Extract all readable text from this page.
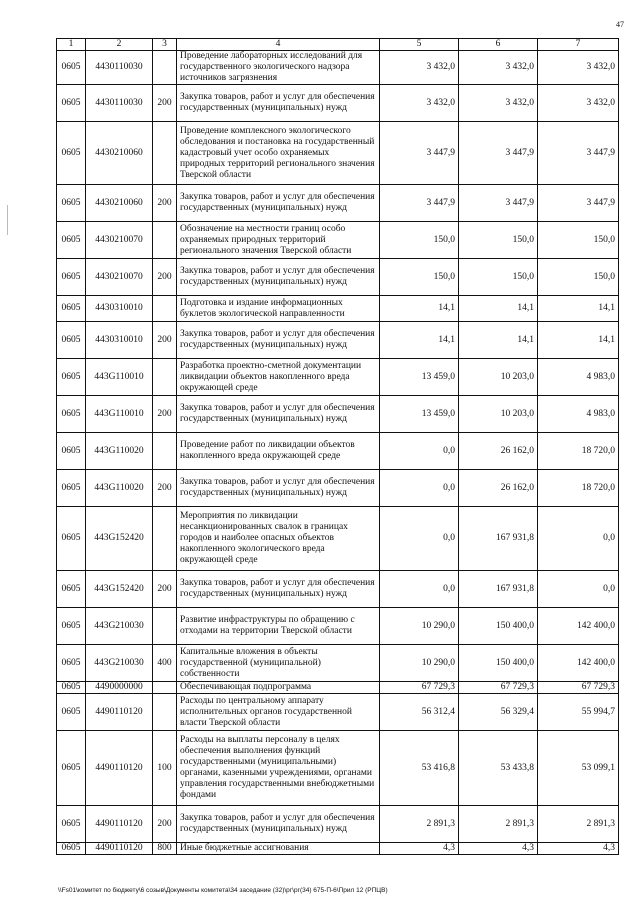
47
1	2	3	4	5	6	7
0605	4430110030		Проведение лабораторных исследований для государственного экологического надзора источников загрязнения	3 432,0	3 432,0	3 432,0
0605	4430110030	200	Закупка товаров, работ и услуг для обеспечения государственных (муниципальных) нужд	3 432,0	3 432,0	3 432,0
0605	4430210060		Проведение комплексного экологического обследования и постановка на государственный кадастровый учет особо охраняемых природных территорий регионального значения Тверской области	3 447,9	3 447,9	3 447,9
0605	4430210060	200	Закупка товаров, работ и услуг для обеспечения государственных (муниципальных) нужд	3 447,9	3 447,9	3 447,9
0605	4430210070		Обозначение на местности границ особо охраняемых природных территорий регионального значения Тверской области	150,0	150,0	150,0
0605	4430210070	200	Закупка товаров, работ и услуг для обеспечения государственных (муниципальных) нужд	150,0	150,0	150,0
0605	4430310010		Подготовка и издание информационных буклетов экологической направленности	14,1	14,1	14,1
0605	4430310010	200	Закупка товаров, работ и услуг для обеспечения государственных (муниципальных) нужд	14,1	14,1	14,1
0605	443G110010		Разработка проектно-сметной документации ликвидации объектов накопленного вреда окружающей среде	13 459,0	10 203,0	4 983,0
0605	443G110010	200	Закупка товаров, работ и услуг для обеспечения государственных (муниципальных) нужд	13 459,0	10 203,0	4 983,0
0605	443G110020		Проведение работ по ликвидации объектов накопленного вреда окружающей среде	0,0	26 162,0	18 720,0
0605	443G110020	200	Закупка товаров, работ и услуг для обеспечения государственных (муниципальных) нужд	0,0	26 162,0	18 720,0
0605	443G152420		Мероприятия по ликвидации несанкционированных свалок в границах городов и наиболее опасных объектов накопленного экологического вреда окружающей среде	0,0	167 931,8	0,0
0605	443G152420	200	Закупка товаров, работ и услуг для обеспечения государственных (муниципальных) нужд	0,0	167 931,8	0,0
0605	443G210030		Развитие инфраструктуры по обращению с отходами на территории Тверской области	10 290,0	150 400,0	142 400,0
0605	443G210030	400	Капитальные вложения в объекты государственной (муниципальной) собственности	10 290,0	150 400,0	142 400,0
0605	4490000000		Обеспечивающая подпрограмма	67 729,3	67 729,3	67 729,3
0605	4490110120		Расходы по центральному аппарату исполнительных органов государственной власти Тверской области	56 312,4	56 329,4	55 994,7
0605	4490110120	100	Расходы на выплаты персоналу в целях обеспечения выполнения функций государственными (муниципальными) органами, казенными учреждениями, органами управления государственными внебюджетными фондами	53 416,8	53 433,8	53 099,1
0605	4490110120	200	Закупка товаров, работ и услуг для обеспечения государственных (муниципальных) нужд	2 891,3	2 891,3	2 891,3
0605	4490110120	800	Иные бюджетные ассигнования	4,3	4,3	4,3
\\Fs01\комитет по бюджету\6 созыв\Документы комитета\34 заседание (32)\рг\рг(34) 675-П-6\Прил 12 (РПЦВ)
